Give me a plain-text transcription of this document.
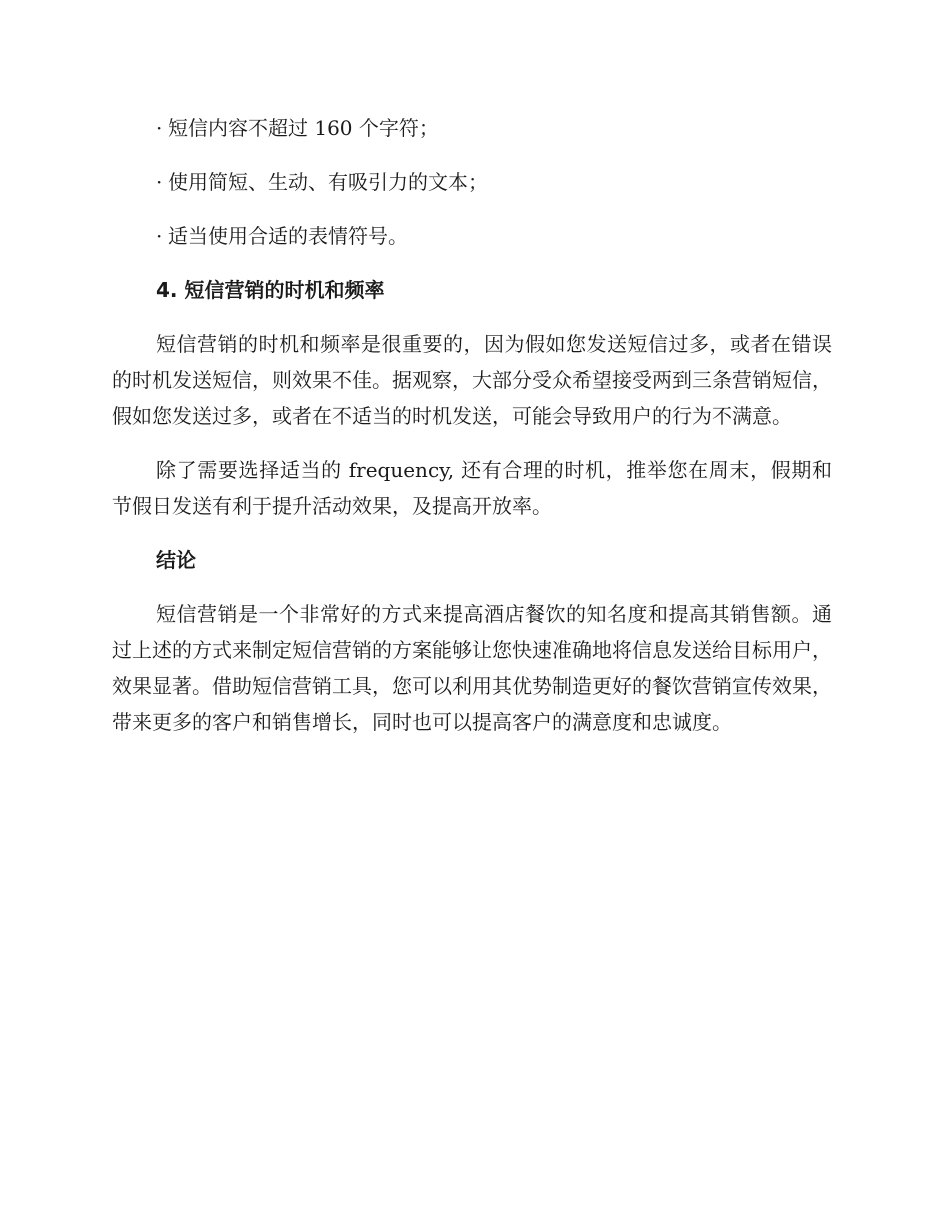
· 短信内容不超过 160 个字符；
· 使用简短、生动、有吸引力的文本；
· 适当使用合适的表情符号。
4. 短信营销的时机和频率

短信营销的时机和频率是很重要的，因为假如您发送短信过多，或者在错误的时机发送短信，则效果不佳。据观察，大部分受众希望接受两到三条营销短信，假如您发送过多，或者在不适当的时机发送，可能会导致用户的行为不满意。

除了需要选择适当的 frequency, 还有合理的时机，推举您在周末，假期和节假日发送有利于提升活动效果，及提高开放率。

结论

短信营销是一个非常好的方式来提高酒店餐饮的知名度和提高其销售额。通过上述的方式来制定短信营销的方案能够让您快速准确地将信息发送给目标用户，效果显著。借助短信营销工具，您可以利用其优势制造更好的餐饮营销宣传效果，带来更多的客户和销售增长，同时也可以提高客户的满意度和忠诚度。
